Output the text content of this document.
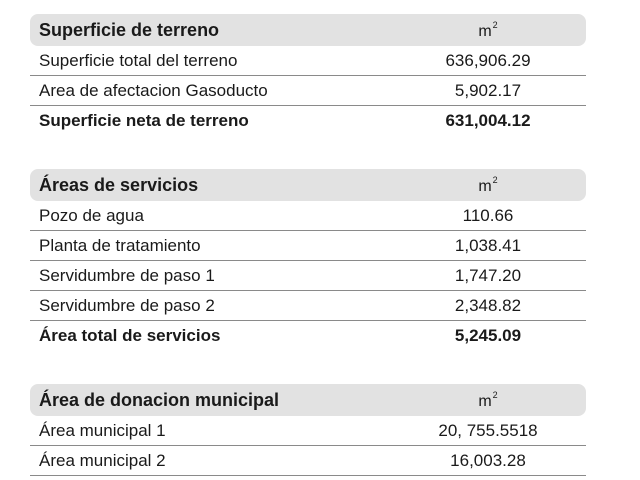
Superficie de terreno	$m^2$
Superficie total del terreno	636,906.29
Area de afectacion Gasoducto	5,902.17
Superficie neta de terreno	631,004.12
Áreas de servicios	$m^2$
Pozo de agua	110.66
Planta de tratamiento	1,038.41
Servidumbre de paso 1	1,747.20
Servidumbre de paso 2	2,348.82
Área total de servicios	5,245.09
Área de donacion municipal	$m^2$
Área municipal 1	20, 755.5518
Área municipal 2	16,003.28
